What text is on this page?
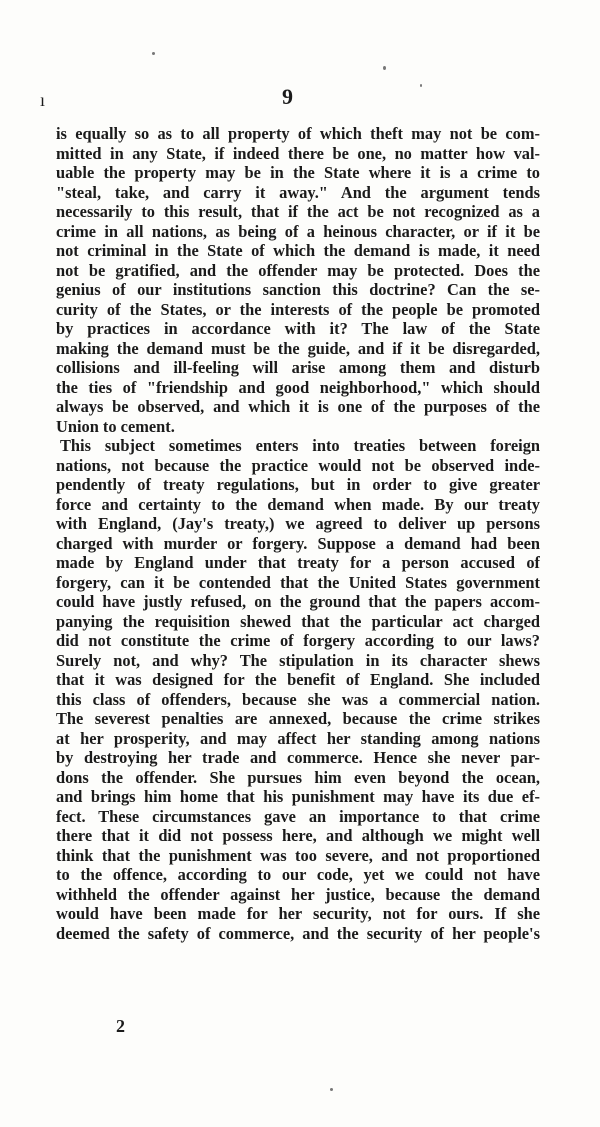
ı	9
is equally so as to all property of which theft may not be com-
mitted in any State, if indeed there be one, no matter how val-
uable the property may be in the State where it is a crime to
"steal, take, and carry it away." And the argument tends
necessarily to this result, that if the act be not recognized as a
crime in all nations, as being of a heinous character, or if it be
not criminal in the State of which the demand is made, it need
not be gratified, and the offender may be protected. Does the
genius of our institutions sanction this doctrine? Can the se-
curity of the States, or the interests of the people be promoted
by practices in accordance with it? The law of the State
making the demand must be the guide, and if it be disregarded,
collisions and ill-feeling will arise among them and disturb
the ties of "friendship and good neighborhood," which should
always be observed, and which it is one of the purposes of the
Union to cement.
This subject sometimes enters into treaties between foreign
nations, not because the practice would not be observed inde-
pendently of treaty regulations, but in order to give greater
force and certainty to the demand when made. By our treaty
with England, (Jay's treaty,) we agreed to deliver up persons
charged with murder or forgery. Suppose a demand had been
made by England under that treaty for a person accused of
forgery, can it be contended that the United States government
could have justly refused, on the ground that the papers accom-
panying the requisition shewed that the particular act charged
did not constitute the crime of forgery according to our laws?
Surely not, and why? The stipulation in its character shews
that it was designed for the benefit of England. She included
this class of offenders, because she was a commercial nation.
The severest penalties are annexed, because the crime strikes
at her prosperity, and may affect her standing among nations
by destroying her trade and commerce. Hence she never par-
dons the offender. She pursues him even beyond the ocean,
and brings him home that his punishment may have its due ef-
fect. These circumstances gave an importance to that crime
there that it did not possess here, and although we might well
think that the punishment was too severe, and not proportioned
to the offence, according to our code, yet we could not have
withheld the offender against her justice, because the demand
would have been made for her security, not for ours. If she
deemed the safety of commerce, and the security of her people's
2
